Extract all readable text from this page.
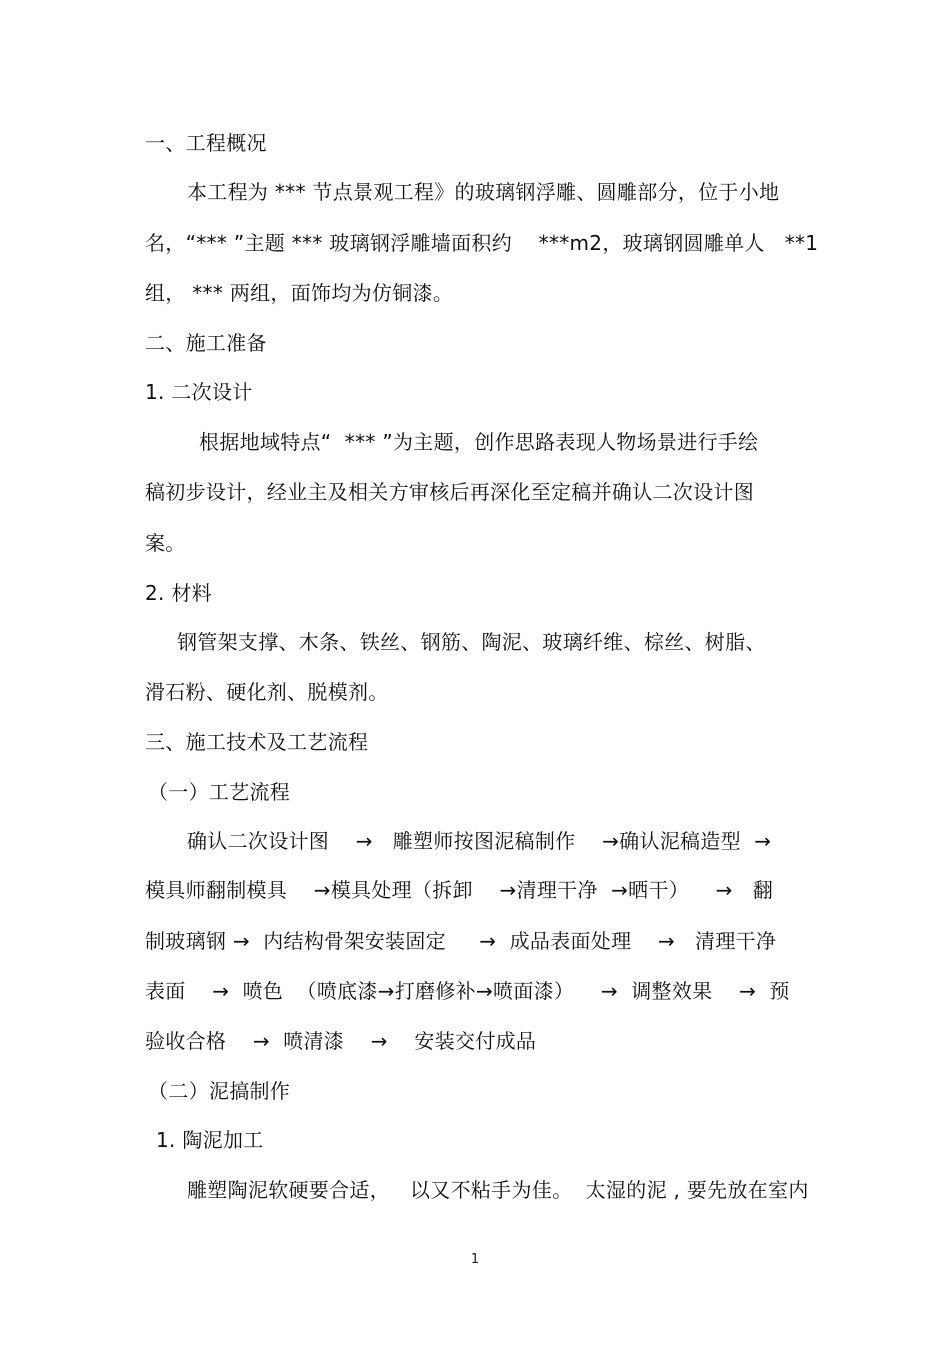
一、工程概况
本工程为 *** 节点景观工程》的玻璃钢浮雕、圆雕部分，位于小地
名，“*** ”主题 *** 玻璃钢浮雕墙面积约    ***m2，玻璃钢圆雕单人   **1
组， *** 两组，面饰均为仿铜漆。
二、施工准备
1. 二次设计
根据地域特点“  *** ”为主题，创作思路表现人物场景进行手绘
稿初步设计，经业主及相关方审核后再深化至定稿并确认二次设计图
案。
2. 材料
钢管架支撑、木条、铁丝、钢筋、陶泥、玻璃纤维、棕丝、树脂、
滑石粉、硬化剂、脱模剂。
三、施工技术及工艺流程
（一）工艺流程
确认二次设计图    →   雕塑师按图泥稿制作    →确认泥稿造型  →
模具师翻制模具    →模具处理（拆卸    →清理干净  →晒干）    →   翻
制玻璃钢 →  内结构骨架安装固定     →  成品表面处理    →   清理干净
表面    →  喷色  （喷底漆→打磨修补→喷面漆）    →  调整效果    →  预
验收合格    →  喷清漆    →    安装交付成品
（二）泥搞制作
1. 陶泥加工
雕塑陶泥软硬要合适，   以又不粘手为佳。  太湿的泥 , 要先放在室内
1
